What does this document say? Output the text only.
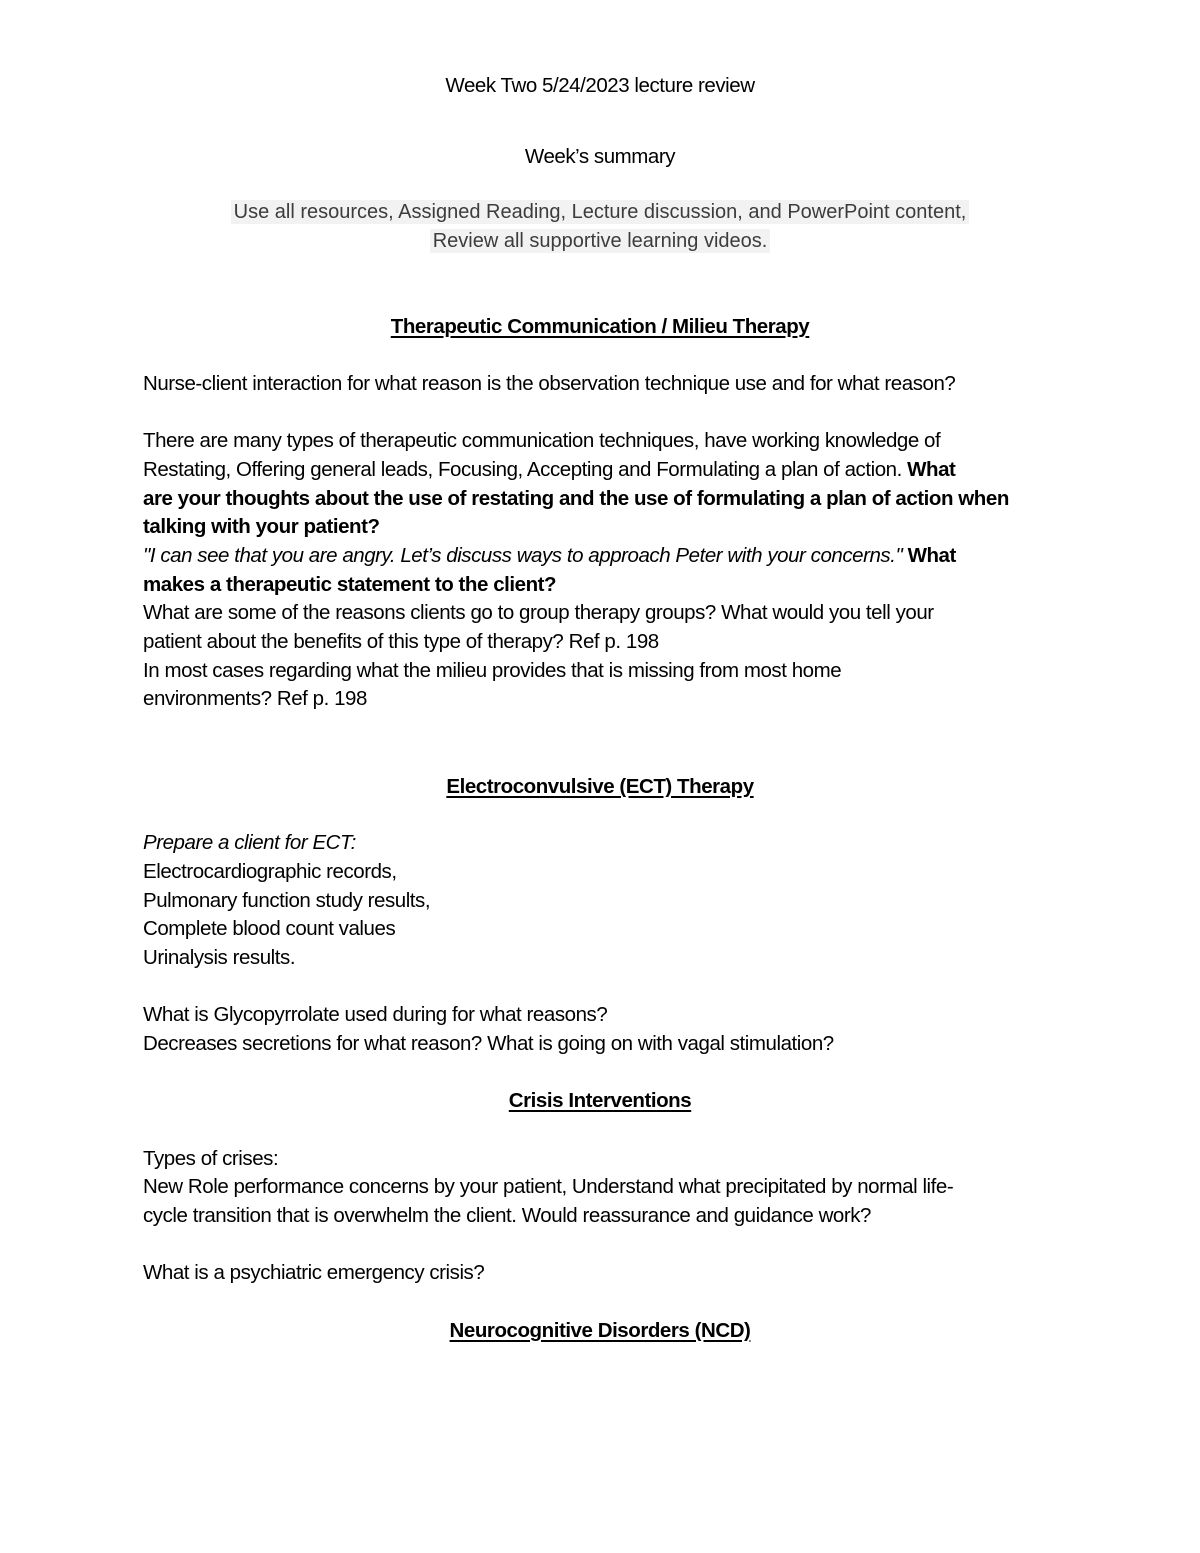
Week Two 5/24/2023 lecture review
Week’s summary
Use all resources, Assigned Reading, Lecture discussion, and PowerPoint content,
Review all supportive learning videos.
Therapeutic Communication / Milieu Therapy
Nurse-client interaction for what reason is the observation technique use and for what reason?
There are many types of therapeutic communication techniques, have working knowledge of
Restating, Offering general leads, Focusing, Accepting and Formulating a plan of action. What
are your thoughts about the use of restating and the use of formulating a plan of action when
talking with your patient?
"I can see that you are angry. Let’s discuss ways to approach Peter with your concerns." What
makes a therapeutic statement to the client?
What are some of the reasons clients go to group therapy groups? What would you tell your
patient about the benefits of this type of therapy? Ref p. 198
In most cases regarding what the milieu provides that is missing from most home
environments? Ref p. 198
Electroconvulsive (ECT) Therapy
Prepare a client for ECT:
Electrocardiographic records,
Pulmonary function study results,
Complete blood count values
Urinalysis results.
What is Glycopyrrolate used during for what reasons?
Decreases secretions for what reason? What is going on with vagal stimulation?
Crisis Interventions
Types of crises:
New Role performance concerns by your patient, Understand what precipitated by normal life-
cycle transition that is overwhelm the client. Would reassurance and guidance work?
What is a psychiatric emergency crisis?
Neurocognitive Disorders (NCD)
